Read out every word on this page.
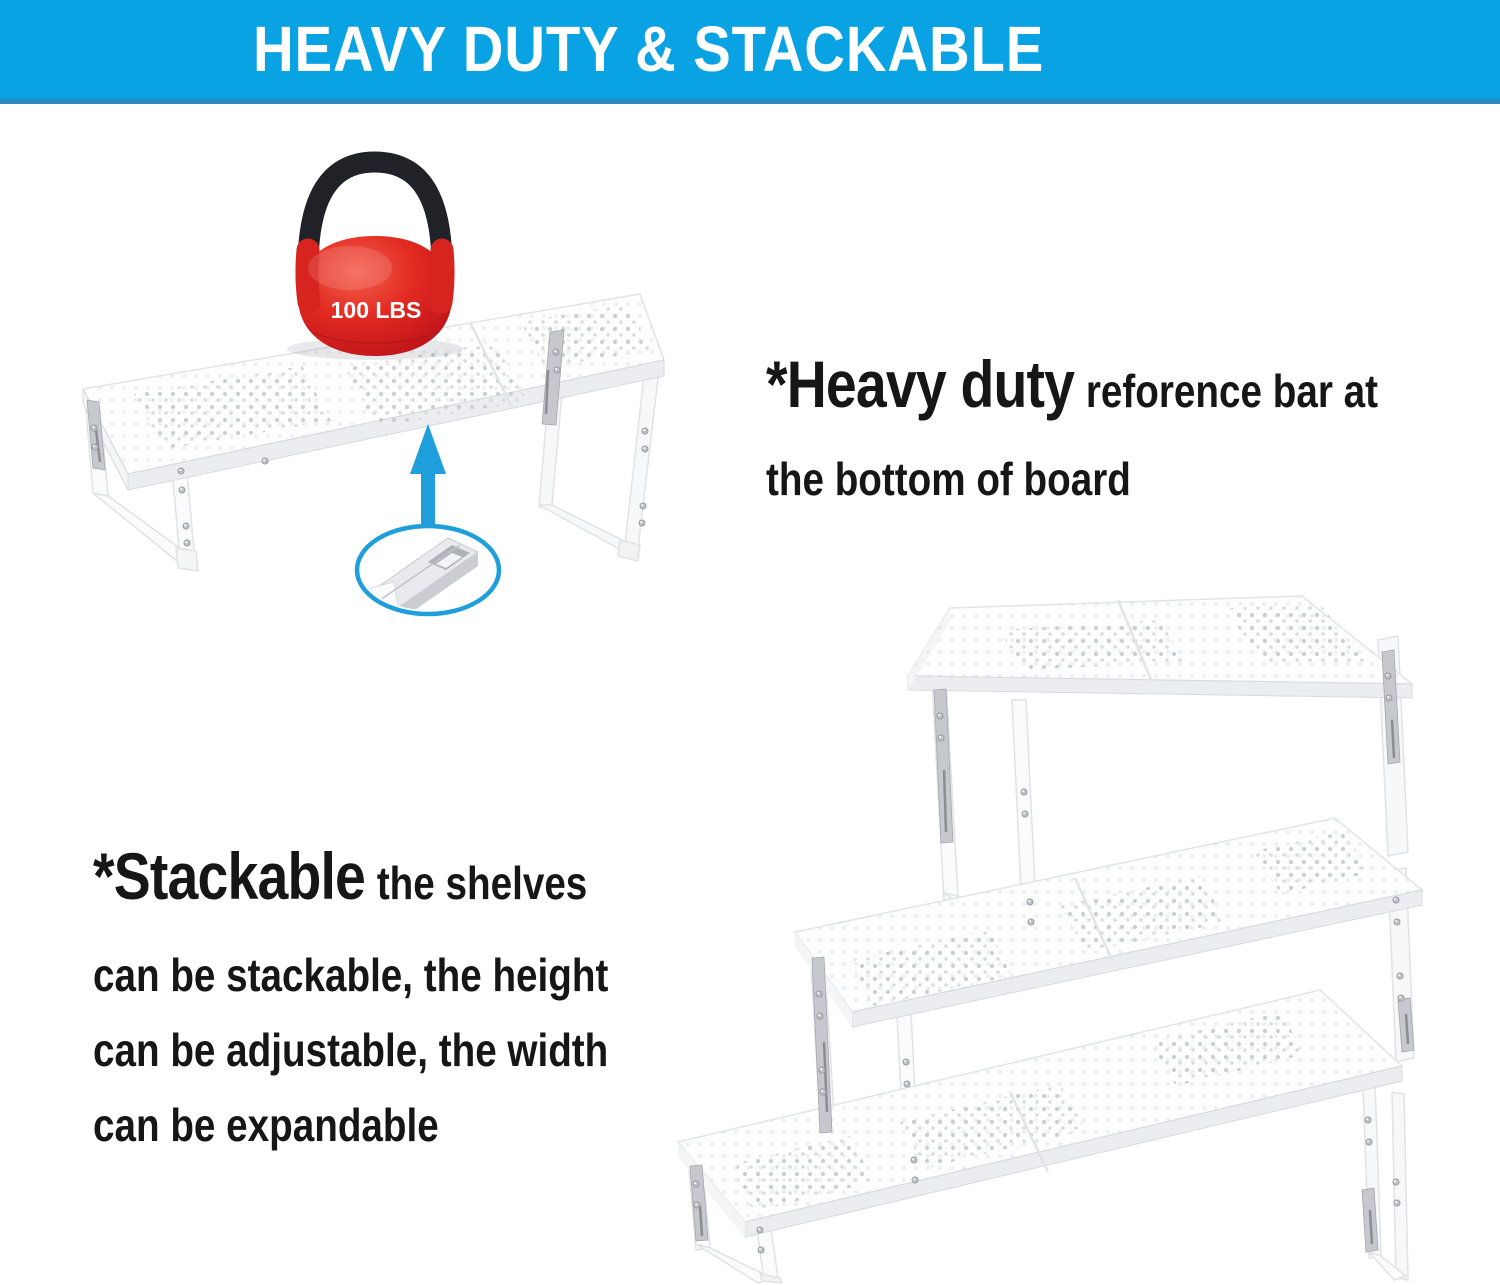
HEAVY DUTY & STACKABLE
100 LBS
*Heavy duty reforence bar at
the bottom of board
*Stackable the shelves
can be stackable, the height
can be adjustable, the width
can be expandable
